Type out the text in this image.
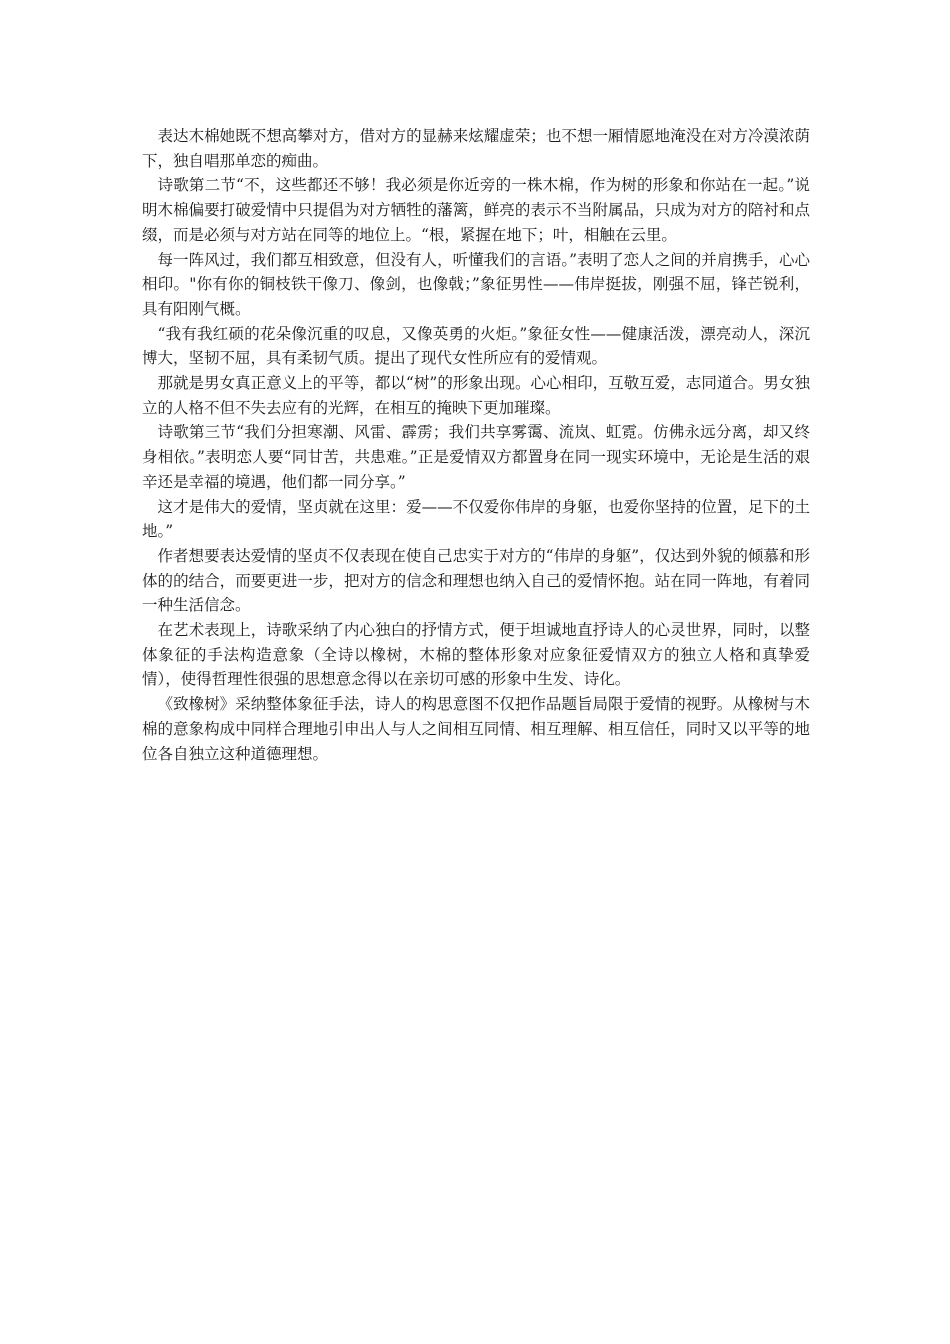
表达木棉她既不想高攀对方，借对方的显赫来炫耀虚荣；也不想一厢情愿地淹没在对方冷漠浓荫下，独自唱那单恋的痴曲。

诗歌第二节“不，这些都还不够！我必须是你近旁的一株木棉，作为树的形象和你站在一起。”说明木棉偏要打破爱情中只提倡为对方牺牲的藩篱，鲜亮的表示不当附属品，只成为对方的陪衬和点缀，而是必须与对方站在同等的地位上。“根，紧握在地下；叶，相触在云里。

每一阵风过，我们都互相致意，但没有人，听懂我们的言语。”表明了恋人之间的并肩携手，心心相印。"你有你的铜枝铁干像刀、像剑，也像戟；”象征男性——伟岸挺拔，刚强不屈，锋芒锐利，具有阳刚气概。

“我有我红硕的花朵像沉重的叹息，又像英勇的火炬。”象征女性——健康活泼，漂亮动人，深沉博大，坚韧不屈，具有柔韧气质。提出了现代女性所应有的爱情观。

那就是男女真正意义上的平等，都以“树”的形象出现。心心相印，互敬互爱，志同道合。男女独立的人格不但不失去应有的光辉，在相互的掩映下更加璀璨。

诗歌第三节“我们分担寒潮、风雷、霹雳；我们共享雾霭、流岚、虹霓。仿佛永远分离，却又终身相依。”表明恋人要“同甘苦，共患难。”正是爱情双方都置身在同一现实环境中，无论是生活的艰辛还是幸福的境遇，他们都一同分享。”

这才是伟大的爱情，坚贞就在这里：爱——不仅爱你伟岸的身躯，也爱你坚持的位置，足下的土地。”

作者想要表达爱情的坚贞不仅表现在使自己忠实于对方的“伟岸的身躯”，仅达到外貌的倾慕和形体的的结合，而要更进一步，把对方的信念和理想也纳入自己的爱情怀抱。站在同一阵地，有着同一种生活信念。

在艺术表现上，诗歌采纳了内心独白的抒情方式，便于坦诚地直抒诗人的心灵世界，同时，以整体象征的手法构造意象（全诗以橡树，木棉的整体形象对应象征爱情双方的独立人格和真挚爱情），使得哲理性很强的思想意念得以在亲切可感的形象中生发、诗化。

《致橡树》采纳整体象征手法，诗人的构思意图不仅把作品题旨局限于爱情的视野。从橡树与木棉的意象构成中同样合理地引申出人与人之间相互同情、相互理解、相互信任，同时又以平等的地位各自独立这种道德理想。
